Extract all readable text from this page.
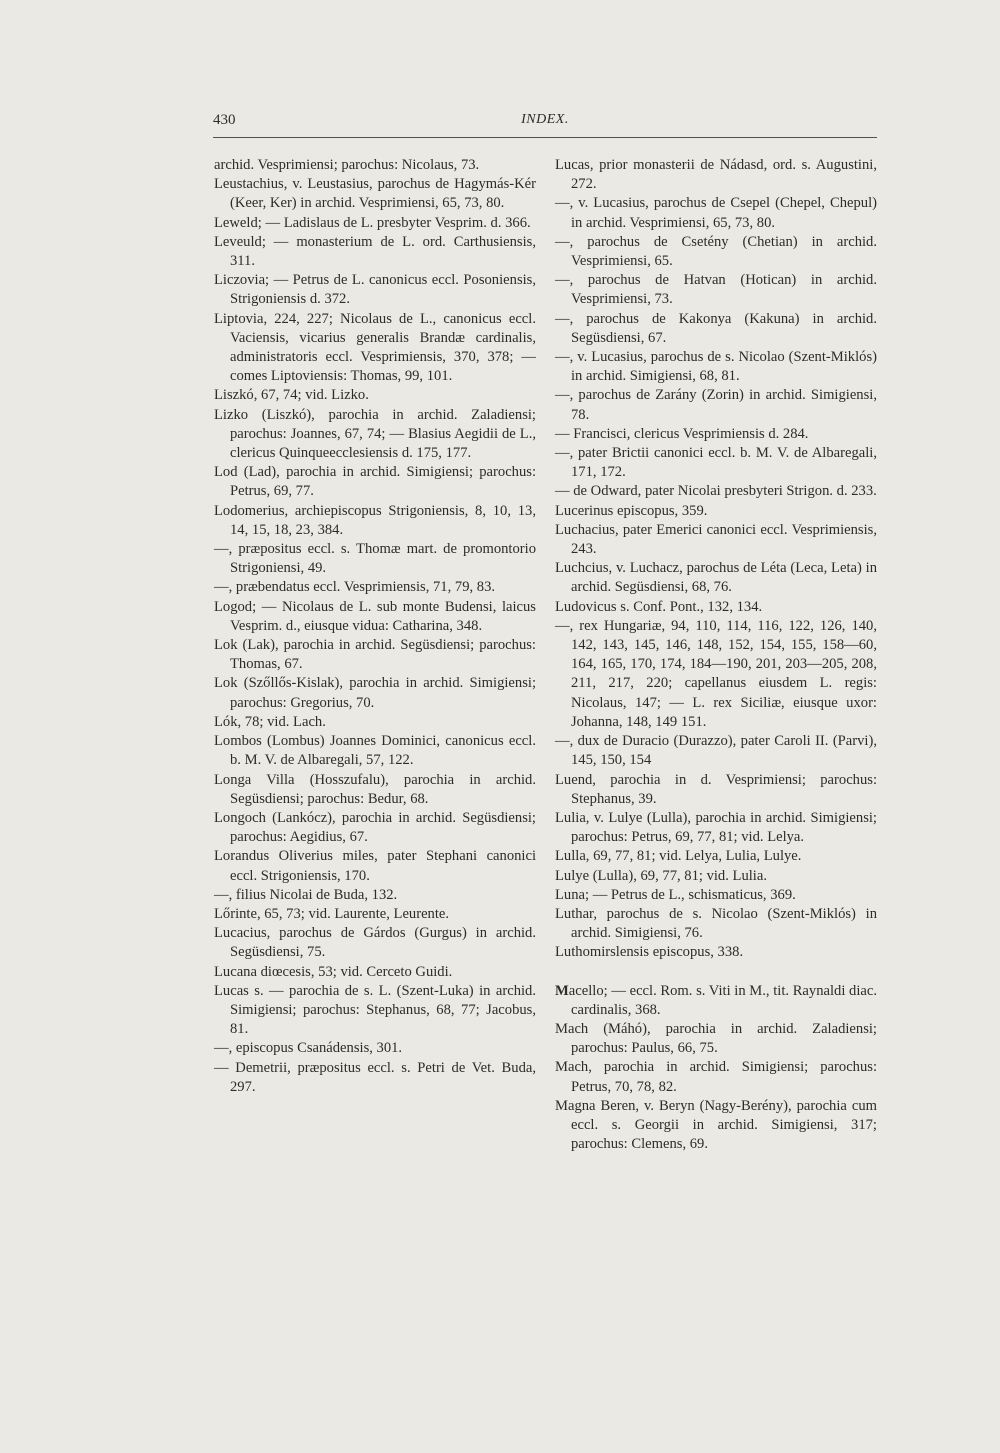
430	INDEX.

archid. Vesprimiensi; parochus: Nicolaus, 73.

Leustachius, v. Leustasius, parochus de Hagymás-Kér (Keer, Ker) in archid. Vesprimiensi, 65, 73, 80.

Leweld; — Ladislaus de L. presbyter Vesprim. d. 366.

Leveuld; — monasterium de L. ord. Carthusiensis, 311.

Liczovia; — Petrus de L. canonicus eccl. Posoniensis, Strigoniensis d. 372.

Liptovia, 224, 227; Nicolaus de L., canonicus eccl. Vaciensis, vicarius generalis Brandæ cardinalis, administratoris eccl. Vesprimiensis, 370, 378; — comes Liptoviensis: Thomas, 99, 101.

Liszkó, 67, 74; vid. Lizko.

Lizko (Liszkó), parochia in archid. Zaladiensi; parochus: Joannes, 67, 74; — Blasius Aegidii de L., clericus Quinqueecclesiensis d. 175, 177.

Lod (Lad), parochia in archid. Simigiensi; parochus: Petrus, 69, 77.

Lodomerius, archiepiscopus Strigoniensis, 8, 10, 13, 14, 15, 18, 23, 384.

—, præpositus eccl. s. Thomæ mart. de promontorio Strigoniensi, 49.

—, præbendatus eccl. Vesprimiensis, 71, 79, 83.

Logod; — Nicolaus de L. sub monte Budensi, laicus Vesprim. d., eiusque vidua: Catharina, 348.

Lok (Lak), parochia in archid. Següsdiensi; parochus: Thomas, 67.

Lok (Szőllős-Kislak), parochia in archid. Simigiensi; parochus: Gregorius, 70.

Lók, 78; vid. Lach.

Lombos (Lombus) Joannes Dominici, canonicus eccl. b. M. V. de Albaregali, 57, 122.

Longa Villa (Hosszufalu), parochia in archid. Següsdiensi; parochus: Bedur, 68.

Longoch (Lankócz), parochia in archid. Següsdiensi; parochus: Aegidius, 67.

Lorandus Oliverius miles, pater Stephani canonici eccl. Strigoniensis, 170.

—, filius Nicolai de Buda, 132.

Lőrinte, 65, 73; vid. Laurente, Leurente.

Lucacius, parochus de Gárdos (Gurgus) in archid. Següsdiensi, 75.

Lucana diœcesis, 53; vid. Cerceto Guidi.

Lucas s. — parochia de s. L. (Szent-Luka) in archid. Simigiensi; parochus: Stephanus, 68, 77; Jacobus, 81.

—, episcopus Csanádensis, 301.

— Demetrii, præpositus eccl. s. Petri de Vet. Buda, 297.

Lucas, prior monasterii de Nádasd, ord. s. Augustini, 272.

—, v. Lucasius, parochus de Csepel (Chepel, Chepul) in archid. Vesprimiensi, 65, 73, 80.

—, parochus de Csetény (Chetian) in archid. Vesprimiensi, 65.

—, parochus de Hatvan (Hotican) in archid. Vesprimiensi, 73.

—, parochus de Kakonya (Kakuna) in archid. Següsdiensi, 67.

—, v. Lucasius, parochus de s. Nicolao (Szent-Miklós) in archid. Simigiensi, 68, 81.

—, parochus de Zarány (Zorin) in archid. Simigiensi, 78.

— Francisci, clericus Vesprimiensis d. 284.

—, pater Brictii canonici eccl. b. M. V. de Albaregali, 171, 172.

— de Odward, pater Nicolai presbyteri Strigon. d. 233.

Lucerinus episcopus, 359.

Luchacius, pater Emerici canonici eccl. Vesprimiensis, 243.

Luchcius, v. Luchacz, parochus de Léta (Leca, Leta) in archid. Següsdiensi, 68, 76.

Ludovicus s. Conf. Pont., 132, 134.

—, rex Hungariæ, 94, 110, 114, 116, 122, 126, 140, 142, 143, 145, 146, 148, 152, 154, 155, 158—60, 164, 165, 170, 174, 184—190, 201, 203—205, 208, 211, 217, 220; capellanus eiusdem L. regis: Nicolaus, 147; — L. rex Siciliæ, eiusque uxor: Johanna, 148, 149 151.

—, dux de Duracio (Durazzo), pater Caroli II. (Parvi), 145, 150, 154

Luend, parochia in d. Vesprimiensi; parochus: Stephanus, 39.

Lulia, v. Lulye (Lulla), parochia in archid. Simigiensi; parochus: Petrus, 69, 77, 81; vid. Lelya.

Lulla, 69, 77, 81; vid. Lelya, Lulia, Lulye.

Lulye (Lulla), 69, 77, 81; vid. Lulia.

Luna; — Petrus de L., schismaticus, 369.

Luthar, parochus de s. Nicolao (Szent-Miklós) in archid. Simigiensi, 76.

Luthomirslensis episcopus, 338.

Macello; — eccl. Rom. s. Viti in M., tit. Raynaldi diac. cardinalis, 368.

Mach (Máhó), parochia in archid. Zaladiensi; parochus: Paulus, 66, 75.

Mach, parochia in archid. Simigiensi; parochus: Petrus, 70, 78, 82.

Magna Beren, v. Beryn (Nagy-Berény), parochia cum eccl. s. Georgii in archid. Simigiensi, 317; parochus: Clemens, 69.
